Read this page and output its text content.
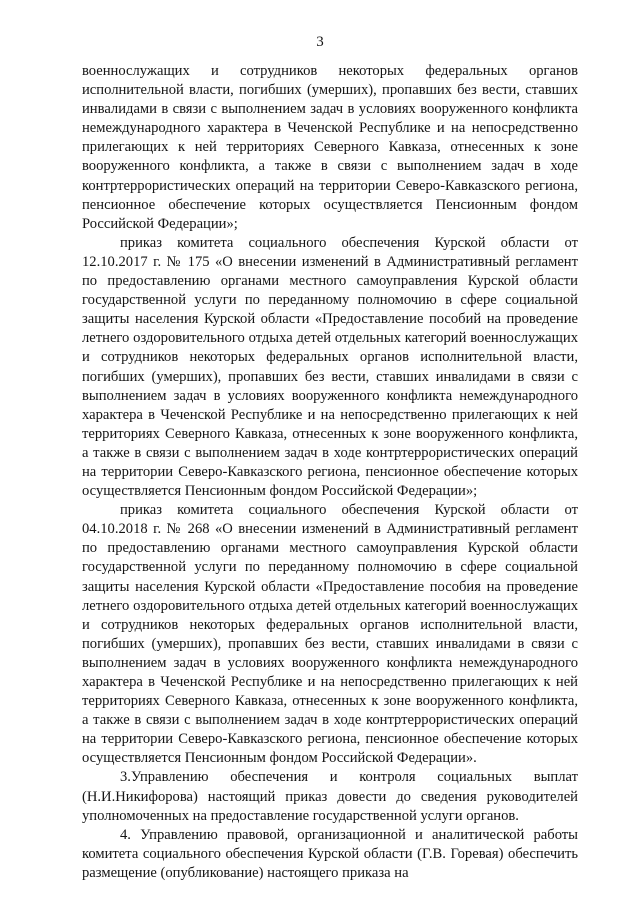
3

военнослужащих и сотрудников некоторых федеральных органов исполнительной власти, погибших (умерших), пропавших без вести, ставших инвалидами в связи с выполнением задач в условиях вооруженного конфликта немеждународного характера в Чеченской Республике и на непосредственно прилегающих к ней территориях Северного Кавказа, отнесенных к зоне вооруженного конфликта, а также в связи с выполнением задач в ходе контртеррористических операций на территории Северо-Кавказского региона, пенсионное обеспечение которых осуществляется Пенсионным фондом Российской Федерации»;

приказ комитета социального обеспечения Курской области от 12.10.2017 г. № 175 «О внесении изменений в Административный регламент по предоставлению органами местного самоуправления Курской области государственной услуги по переданному полномочию в сфере социальной защиты населения Курской области «Предоставление пособий на проведение летнего оздоровительного отдыха детей отдельных категорий военнослужащих и сотрудников некоторых федеральных органов исполнительной власти, погибших (умерших), пропавших без вести, ставших инвалидами в связи с выполнением задач в условиях вооруженного конфликта немеждународного характера в Чеченской Республике и на непосредственно прилегающих к ней территориях Северного Кавказа, отнесенных к зоне вооруженного конфликта, а также в связи с выполнением задач в ходе контртеррористических операций на территории Северо-Кавказского региона, пенсионное обеспечение которых осуществляется Пенсионным фондом Российской Федерации»;

приказ комитета социального обеспечения Курской области от 04.10.2018 г. № 268 «О внесении изменений в Административный регламент по предоставлению органами местного самоуправления Курской области государственной услуги по переданному полномочию в сфере социальной защиты населения Курской области «Предоставление пособия на проведение летнего оздоровительного отдыха детей отдельных категорий военнослужащих и сотрудников некоторых федеральных органов исполнительной власти, погибших (умерших), пропавших без вести, ставших инвалидами в связи с выполнением задач в условиях вооруженного конфликта немеждународного характера в Чеченской Республике и на непосредственно прилегающих к ней территориях Северного Кавказа, отнесенных к зоне вооруженного конфликта, а также в связи с выполнением задач в ходе контртеррористических операций на территории Северо-Кавказского региона, пенсионное обеспечение которых осуществляется Пенсионным фондом Российской Федерации».

3.Управлению обеспечения и контроля социальных выплат (Н.И.Никифорова) настоящий приказ довести до сведения руководителей уполномоченных на предоставление государственной услуги органов.

4. Управлению правовой, организационной и аналитической работы комитета социального обеспечения Курской области (Г.В. Горевая) обеспечить размещение (опубликование) настоящего приказа на
